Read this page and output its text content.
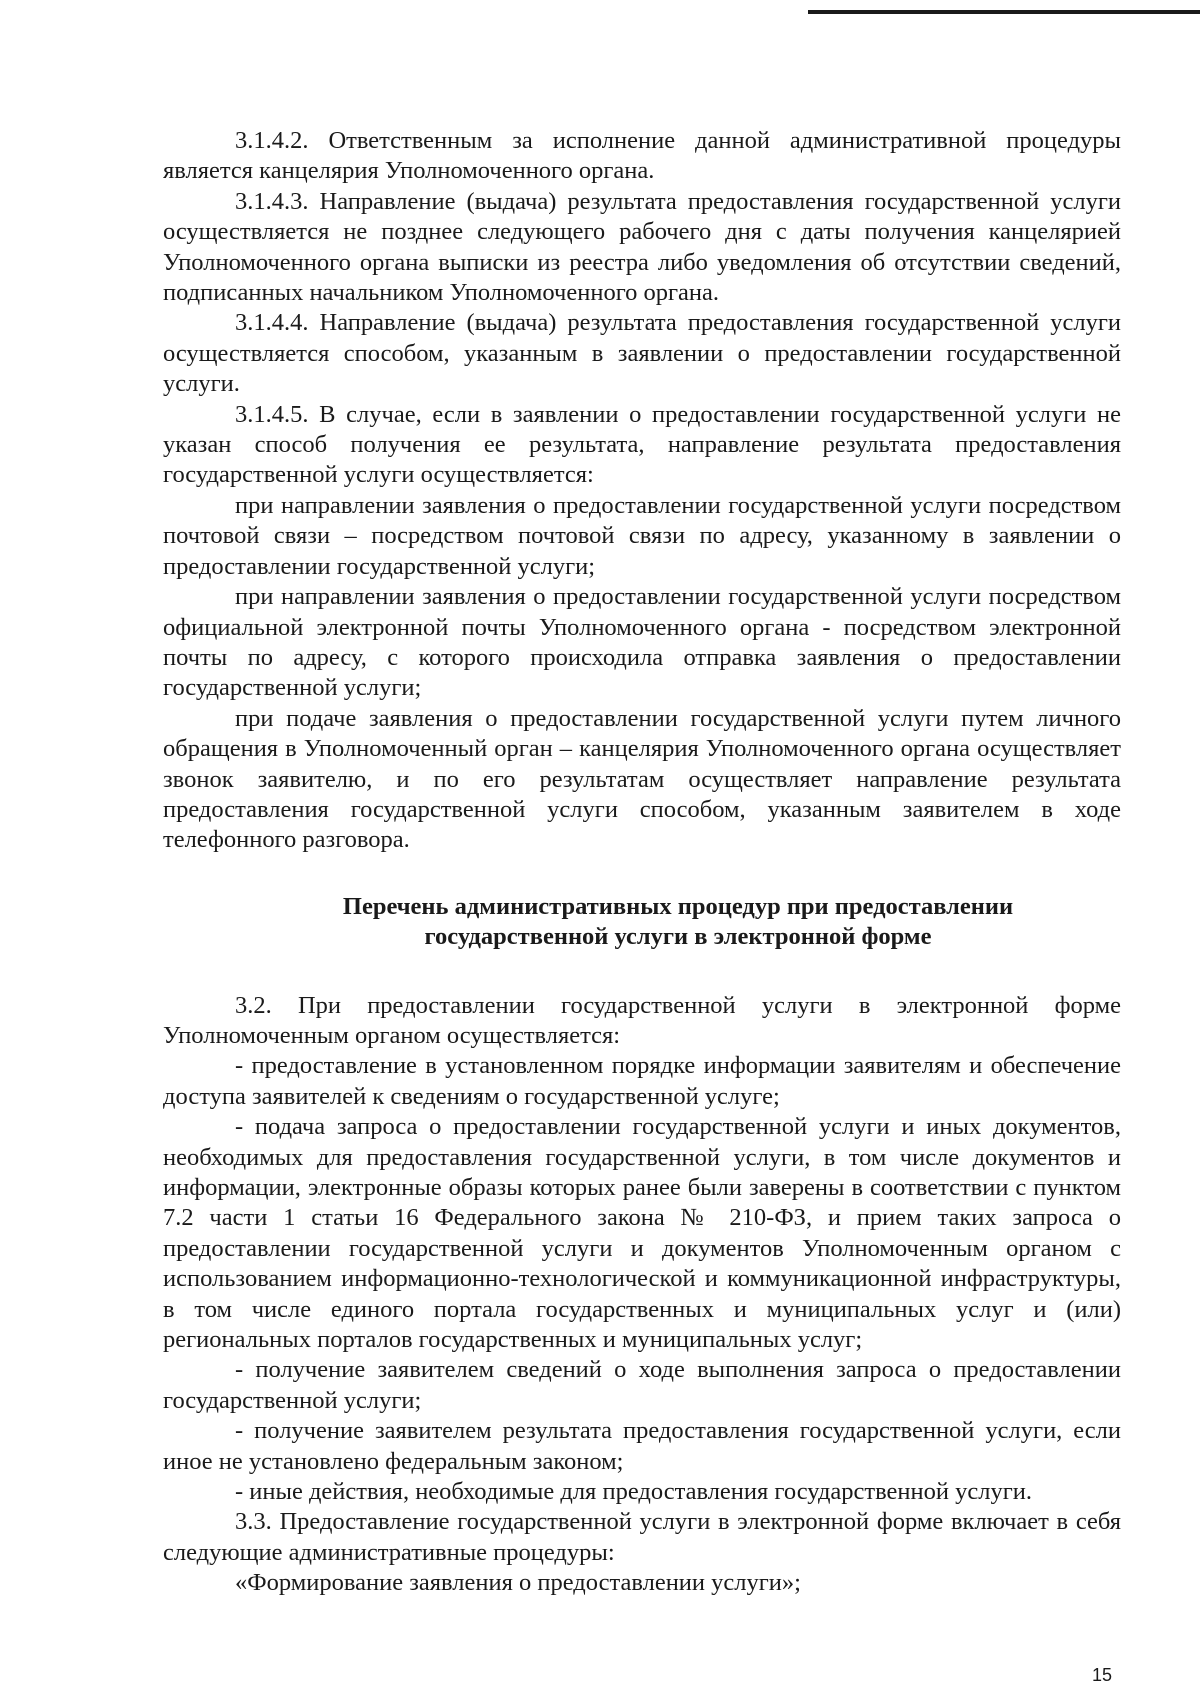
3.1.4.2. Ответственным за исполнение данной административной процедуры является канцелярия Уполномоченного органа.

3.1.4.3. Направление (выдача) результата предоставления государственной услуги осуществляется не позднее следующего рабочего дня с даты получения канцелярией Уполномоченного органа выписки из реестра либо уведомления об отсутствии сведений, подписанных начальником Уполномоченного органа.

3.1.4.4. Направление (выдача) результата предоставления государственной услуги осуществляется способом, указанным в заявлении о предоставлении государственной услуги.

3.1.4.5. В случае, если в заявлении о предоставлении государственной услуги не указан способ получения ее результата, направление результата предоставления государственной услуги осуществляется:

при направлении заявления о предоставлении государственной услуги посредством почтовой связи – посредством почтовой связи по адресу, указанному в заявлении о предоставлении государственной услуги;

при направлении заявления о предоставлении государственной услуги посредством официальной электронной почты Уполномоченного органа - посредством электронной почты по адресу, с которого происходила отправка заявления о предоставлении государственной услуги;

при подаче заявления о предоставлении государственной услуги путем личного обращения в Уполномоченный орган – канцелярия Уполномоченного органа осуществляет звонок заявителю, и по его результатам осуществляет направление результата предоставления государственной услуги способом, указанным заявителем в ходе телефонного разговора.

Перечень административных процедур при предоставлении
государственной услуги в электронной форме

3.2. При предоставлении государственной услуги в электронной форме Уполномоченным органом осуществляется:

- предоставление в установленном порядке информации заявителям и обеспечение доступа заявителей к сведениям о государственной услуге;

- подача запроса о предоставлении государственной услуги и иных документов, необходимых для предоставления государственной услуги, в том числе документов и информации, электронные образы которых ранее были заверены в соответствии с пунктом 7.2 части 1 статьи 16 Федерального закона № 210-ФЗ, и прием таких запроса о предоставлении государственной услуги и документов Уполномоченным органом с использованием информационно-технологической и коммуникационной инфраструктуры, в том числе единого портала государственных и муниципальных услуг и (или) региональных порталов государственных и муниципальных услуг;

- получение заявителем сведений о ходе выполнения запроса о предоставлении государственной услуги;

- получение заявителем результата предоставления государственной услуги, если иное не установлено федеральным законом;

- иные действия, необходимые для предоставления государственной услуги.

3.3. Предоставление государственной услуги в электронной форме включает в себя следующие административные процедуры:

«Формирование заявления о предоставлении услуги»;

15
